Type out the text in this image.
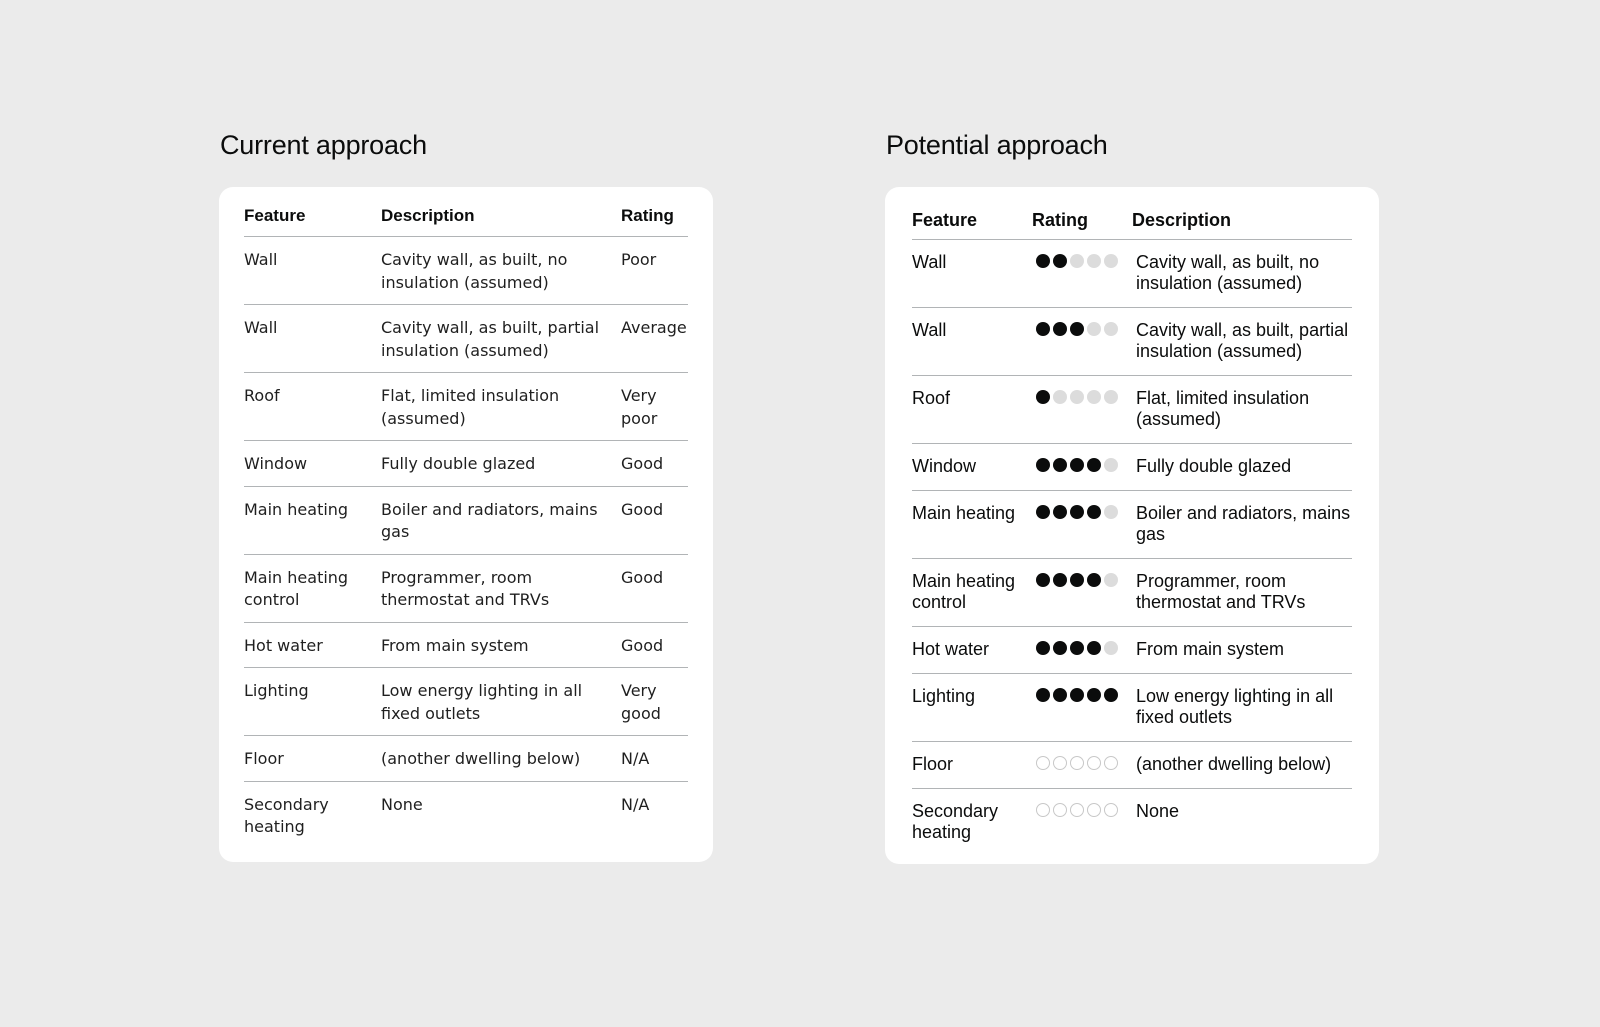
Current approach
Feature	Description	Rating
Wall	Cavity wall, as built, no insulation (assumed)	Poor
Wall	Cavity wall, as built, partial insulation (assumed)	Average
Roof	Flat, limited insulation (assumed)	Very poor
Window	Fully double glazed	Good
Main heating	Boiler and radiators, mains gas	Good
Main heating control	Programmer, room thermostat and TRVs	Good
Hot water	From main system	Good
Lighting	Low energy lighting in all fixed outlets	Very good
Floor	(another dwelling below)	N/A
Secondary heating	None	N/A
Potential approach
Feature	Rating	Description
Wall		Cavity wall, as built, no insulation (assumed)
Wall		Cavity wall, as built, partial insulation (assumed)
Roof		Flat, limited insulation (assumed)
Window		Fully double glazed
Main heating		Boiler and radiators, mains gas
Main heating control		Programmer, room thermostat and TRVs
Hot water		From main system
Lighting		Low energy lighting in all fixed outlets
Floor		(another dwelling below)
Secondary heating		None
